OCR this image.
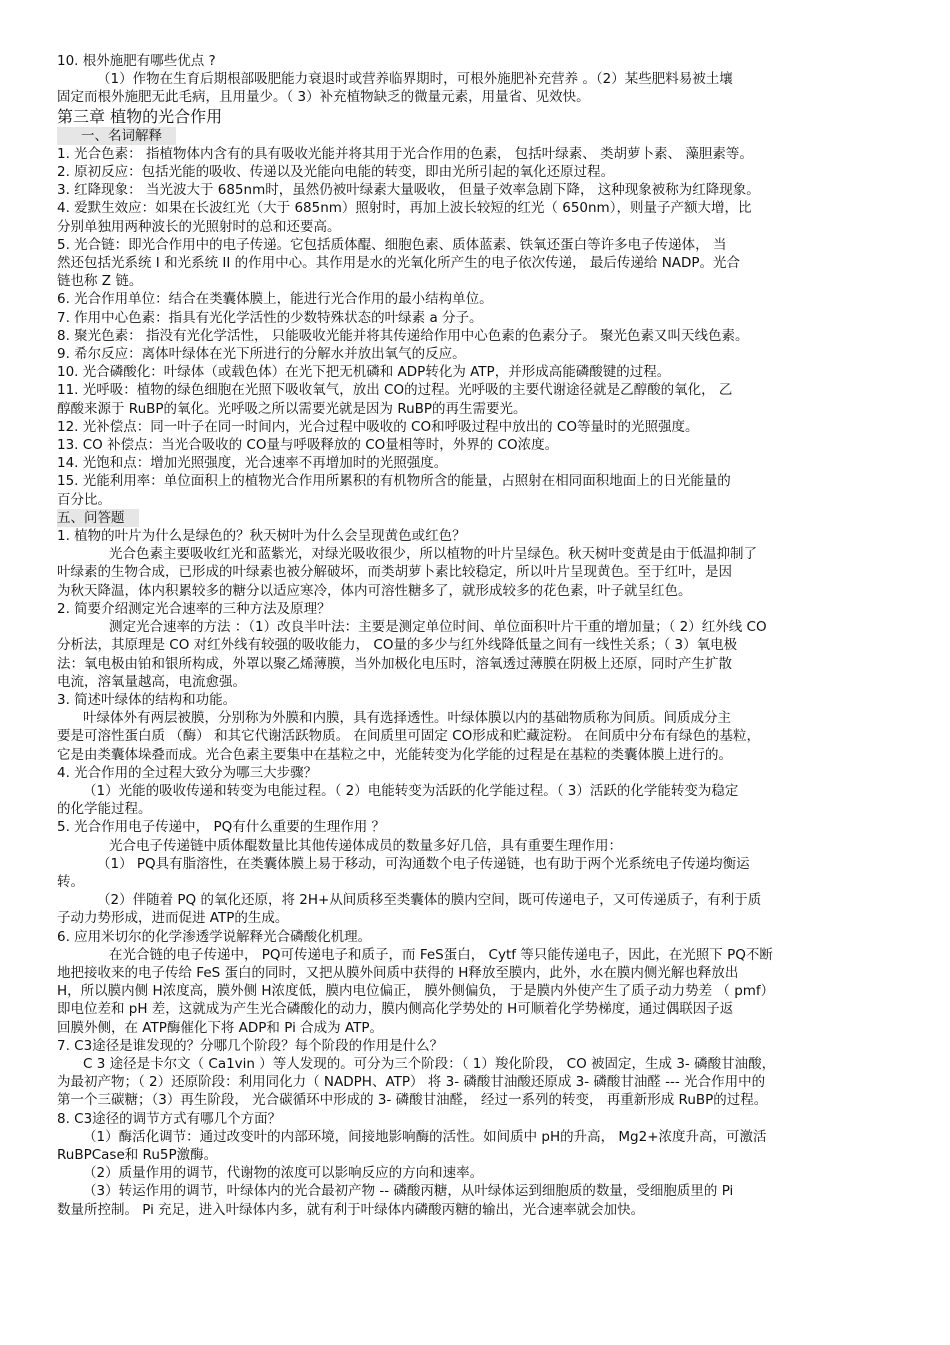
10. 根外施肥有哪些优点 ?
（1）作物在生育后期根部吸肥能力衰退时或营养临界期时，可根外施肥补充营养 。（2）某些肥料易被土壤
固定而根外施肥无此毛病，且用量少。（ 3）补充植物缺乏的微量元素，用量省、见效快。
第三章 植物的光合作用
一、名词解释
1. 光合色素： 指植物体内含有的具有吸收光能并将其用于光合作用的色素， 包括叶绿素、 类胡萝卜素、 藻胆素等。
2. 原初反应：包括光能的吸收、传递以及光能向电能的转变，即由光所引起的氧化还原过程。
3. 红降现象： 当光波大于 685nm时，虽然仍被叶绿素大量吸收， 但量子效率急剧下降， 这种现象被称为红降现象。
4. 爱默生效应：如果在长波红光（大于 685nm）照射时，再加上波长较短的红光（ 650nm），则量子产额大增，比
分别单独用两种波长的光照射时的总和还要高。
5. 光合链：即光合作用中的电子传递。它包括质体醌、细胞色素、质体蓝素、铁氧还蛋白等许多电子传递体， 当
然还包括光系统 I 和光系统 II 的作用中心。其作用是水的光氧化所产生的电子依次传递， 最后传递给 NADP。光合
链也称 Z 链。
6. 光合作用单位：结合在类囊体膜上，能进行光合作用的最小结构单位。
7. 作用中心色素：指具有光化学活性的少数特殊状态的叶绿素 a 分子。
8. 聚光色素： 指没有光化学活性， 只能吸收光能并将其传递给作用中心色素的色素分子。 聚光色素又叫天线色素。
9. 希尔反应：离体叶绿体在光下所进行的分解水并放出氧气的反应。
10. 光合磷酸化：叶绿体（或载色体）在光下把无机磷和 ADP转化为 ATP，并形成高能磷酸键的过程。
11. 光呼吸：植物的绿色细胞在光照下吸收氧气，放出 CO的过程。光呼吸的主要代谢途径就是乙醇酸的氧化， 乙
醇酸来源于 RuBP的氧化。光呼吸之所以需要光就是因为 RuBP的再生需要光。
12. 光补偿点：同一叶子在同一时间内，光合过程中吸收的 CO和呼吸过程中放出的 CO等量时的光照强度。
13. CO 补偿点：当光合吸收的 CO量与呼吸释放的 CO量相等时，外界的 CO浓度。
14. 光饱和点：增加光照强度，光合速率不再增加时的光照强度。
15. 光能利用率：单位面积上的植物光合作用所累积的有机物所含的能量，占照射在相同面积地面上的日光能量的
百分比。
五、问答题
1. 植物的叶片为什么是绿色的？秋天树叶为什么会呈现黄色或红色？
光合色素主要吸收红光和蓝紫光，对绿光吸收很少，所以植物的叶片呈绿色。秋天树叶变黄是由于低温抑制了
叶绿素的生物合成，已形成的叶绿素也被分解破坏，而类胡萝卜素比较稳定，所以叶片呈现黄色。至于红叶，是因
为秋天降温，体内积累较多的糖分以适应寒冷，体内可溶性糖多了，就形成较多的花色素，叶子就呈红色。
2. 简要介绍测定光合速率的三种方法及原理？
测定光合速率的方法 ：（1）改良半叶法：主要是测定单位时间、单位面积叶片干重的增加量；（ 2）红外线 CO
分析法，其原理是 CO 对红外线有较强的吸收能力， CO量的多少与红外线降低量之间有一线性关系；（ 3）氧电极
法：氧电极由铂和银所构成，外罩以聚乙烯薄膜，当外加极化电压时，溶氧透过薄膜在阴极上还原，同时产生扩散
电流，溶氧量越高，电流愈强。
3. 简述叶绿体的结构和功能。
叶绿体外有两层被膜，分别称为外膜和内膜，具有选择透性。叶绿体膜以内的基础物质称为间质。间质成分主
要是可溶性蛋白质 （酶） 和其它代谢活跃物质。 在间质里可固定 CO形成和贮藏淀粉。 在间质中分布有绿色的基粒，
它是由类囊体垛叠而成。光合色素主要集中在基粒之中，光能转变为化学能的过程是在基粒的类囊体膜上进行的。
4. 光合作用的全过程大致分为哪三大步骤？
（1）光能的吸收传递和转变为电能过程。（ 2）电能转变为活跃的化学能过程。（ 3）活跃的化学能转变为稳定
的化学能过程。
5. 光合作用电子传递中， PQ有什么重要的生理作用 ？
光合电子传递链中质体醌数量比其他传递体成员的数量多好几倍，具有重要生理作用：
（1） PQ具有脂溶性，在类囊体膜上易于移动，可沟通数个电子传递链，也有助于两个光系统电子传递均衡运
转。
（2）伴随着 PQ 的氧化还原，将 2H+从间质移至类囊体的膜内空间，既可传递电子，又可传递质子，有利于质
子动力势形成，进而促进 ATP的生成。
6. 应用米切尔的化学渗透学说解释光合磷酸化机理。
在光合链的电子传递中， PQ可传递电子和质子，而 FeS蛋白， Cytf 等只能传递电子，因此，在光照下 PQ不断
地把接收来的电子传给 FeS 蛋白的同时，又把从膜外间质中获得的 H释放至膜内，此外，水在膜内侧光解也释放出
H，所以膜内侧 H浓度高，膜外侧 H浓度低，膜内电位偏正， 膜外侧偏负， 于是膜内外使产生了质子动力势差 （ pmf）
即电位差和 pH 差，这就成为产生光合磷酸化的动力，膜内侧高化学势处的 H可顺着化学势梯度，通过偶联因子返
回膜外侧，在 ATP酶催化下将 ADP和 Pi 合成为 ATP。
7. C3途径是谁发现的？分哪几个阶段？每个阶段的作用是什么？
C 3 途径是卡尔文（ Ca1vin ）等人发现的。可分为三个阶段：（ 1）羧化阶段， CO 被固定，生成 3- 磷酸甘油酸，
为最初产物；（ 2）还原阶段：利用同化力（ NADPH、ATP） 将 3- 磷酸甘油酸还原成 3- 磷酸甘油醛 --- 光合作用中的
第一个三碳糖；（3）再生阶段， 光合碳循环中形成的 3- 磷酸甘油醛， 经过一系列的转变， 再重新形成 RuBP的过程。
8. C3途径的调节方式有哪几个方面？
（1）酶活化调节：通过改变叶的内部环境，间接地影响酶的活性。如间质中 pH的升高， Mg2+浓度升高，可激活
RuBPCase和 Ru5P激酶。
（2）质量作用的调节，代谢物的浓度可以影响反应的方向和速率。
（3）转运作用的调节，叶绿体内的光合最初产物 -- 磷酸丙糖，从叶绿体运到细胞质的数量，受细胞质里的 Pi
数量所控制。 Pi 充足，进入叶绿体内多，就有利于叶绿体内磷酸丙糖的输出，光合速率就会加快。
